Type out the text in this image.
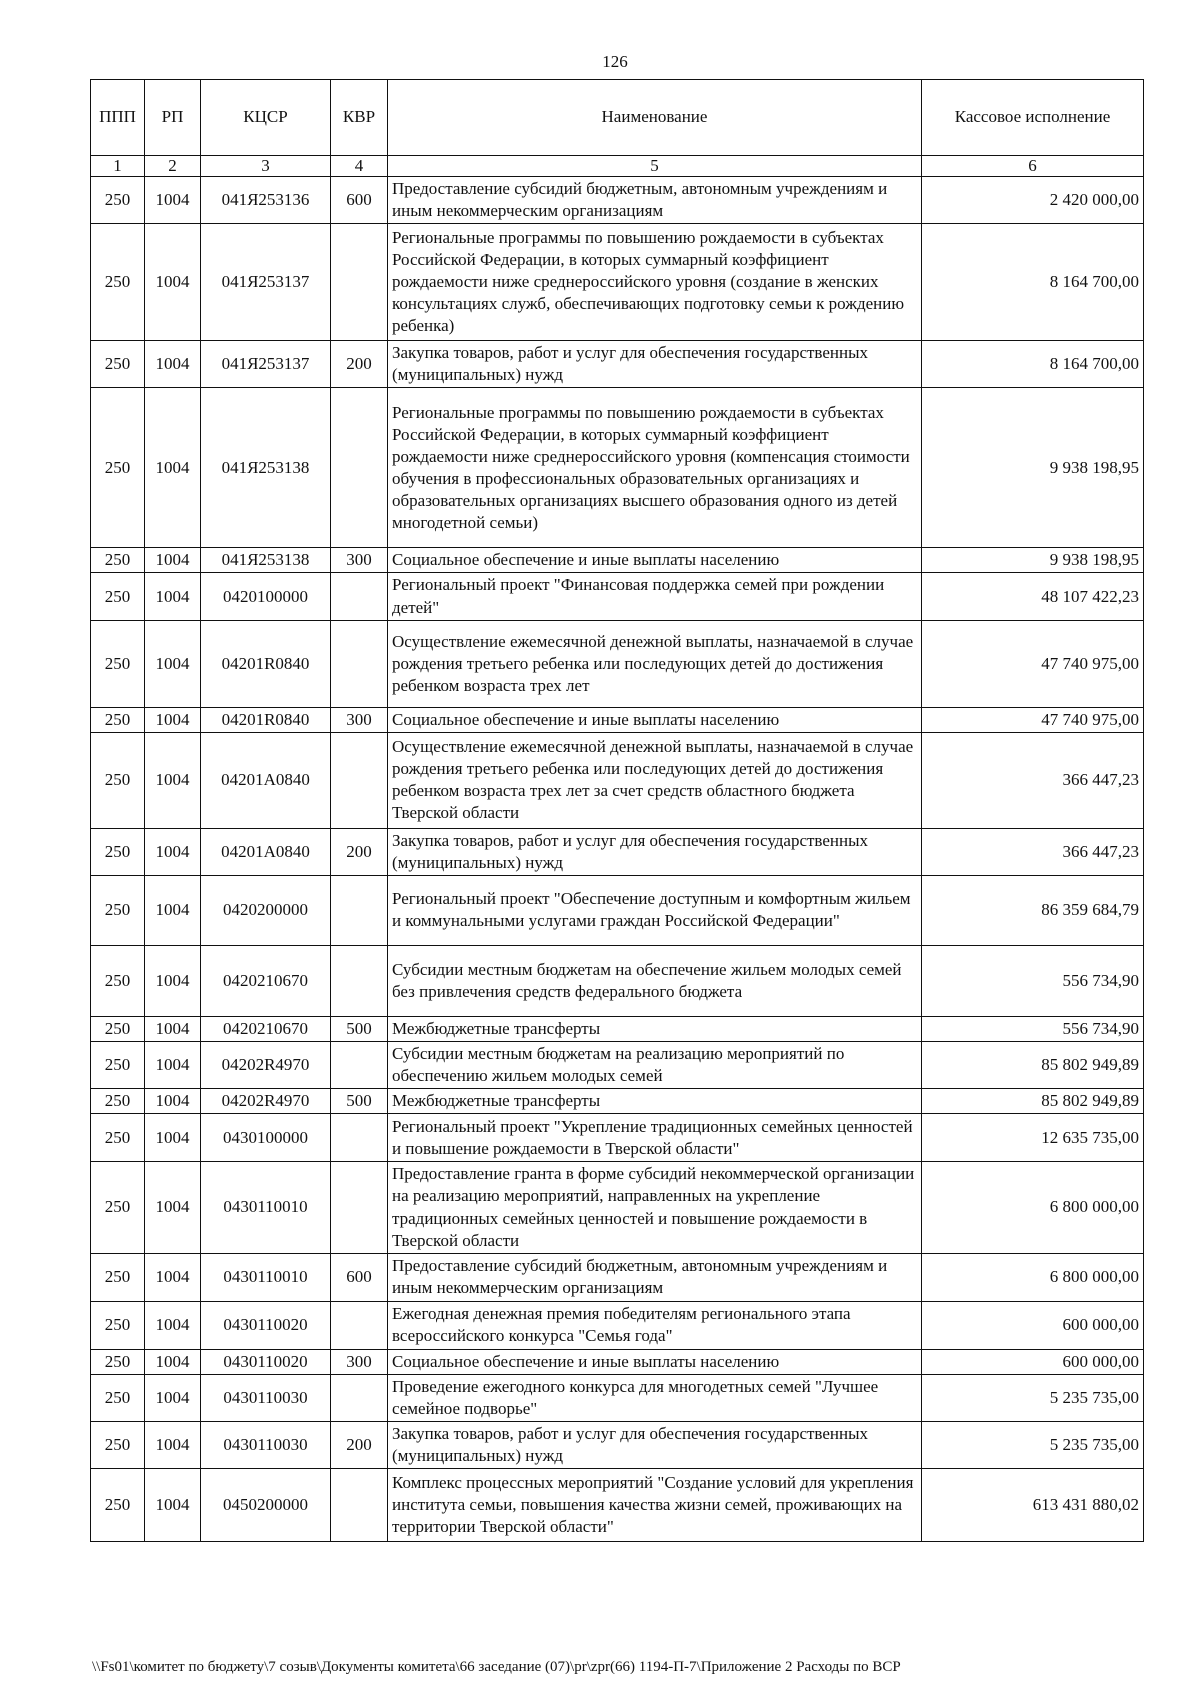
126
ППП	РП	КЦСР	КВР	Наименование	Кассовое исполнение
1	2	3	4	5	6
250	1004	041Я253136	600	Предоставление субсидий бюджетным, автономным учреждениям и иным некоммерческим организациям	2 420 000,00
250	1004	041Я253137		Региональные программы по повышению рождаемости в субъектах Российской Федерации, в которых суммарный коэффициент рождаемости ниже среднероссийского уровня (создание в женских консультациях служб, обеспечивающих подготовку семьи к рождению ребенка)	8 164 700,00
250	1004	041Я253137	200	Закупка товаров, работ и услуг для обеспечения государственных (муниципальных) нужд	8 164 700,00
250	1004	041Я253138		Региональные программы по повышению рождаемости в субъектах Российской Федерации, в которых суммарный коэффициент рождаемости ниже среднероссийского уровня (компенсация стоимости обучения в профессиональных образовательных организациях и образовательных организациях высшего образования одного из детей многодетной семьи)	9 938 198,95
250	1004	041Я253138	300	Социальное обеспечение и иные выплаты населению	9 938 198,95
250	1004	0420100000		Региональный проект "Финансовая поддержка семей при рождении детей"	48 107 422,23
250	1004	04201R0840		Осуществление ежемесячной денежной выплаты, назначаемой в случае рождения третьего ребенка или последующих детей до достижения ребенком возраста трех лет	47 740 975,00
250	1004	04201R0840	300	Социальное обеспечение и иные выплаты населению	47 740 975,00
250	1004	04201A0840		Осуществление ежемесячной денежной выплаты, назначаемой в случае рождения третьего ребенка или последующих детей до достижения ребенком возраста трех лет за счет средств областного бюджета Тверской области	366 447,23
250	1004	04201A0840	200	Закупка товаров, работ и услуг для обеспечения государственных (муниципальных) нужд	366 447,23
250	1004	0420200000		Региональный проект "Обеспечение доступным и комфортным жильем и коммунальными услугами граждан Российской Федерации"	86 359 684,79
250	1004	0420210670		Субсидии местным бюджетам на обеспечение жильем молодых семей без привлечения средств федерального бюджета	556 734,90
250	1004	0420210670	500	Межбюджетные трансферты	556 734,90
250	1004	04202R4970		Субсидии местным бюджетам на реализацию мероприятий по обеспечению жильем молодых семей	85 802 949,89
250	1004	04202R4970	500	Межбюджетные трансферты	85 802 949,89
250	1004	0430100000		Региональный проект "Укрепление традиционных семейных ценностей и повышение рождаемости в Тверской области"	12 635 735,00
250	1004	0430110010		Предоставление гранта в форме субсидий некоммерческой организации на реализацию мероприятий, направленных на укрепление традиционных семейных ценностей и повышение рождаемости в Тверской области	6 800 000,00
250	1004	0430110010	600	Предоставление субсидий бюджетным, автономным учреждениям и иным некоммерческим организациям	6 800 000,00
250	1004	0430110020		Ежегодная денежная премия победителям регионального этапа всероссийского конкурса "Семья года"	600 000,00
250	1004	0430110020	300	Социальное обеспечение и иные выплаты населению	600 000,00
250	1004	0430110030		Проведение ежегодного конкурса для многодетных семей "Лучшее семейное подворье"	5 235 735,00
250	1004	0430110030	200	Закупка товаров, работ и услуг для обеспечения государственных (муниципальных) нужд	5 235 735,00
250	1004	0450200000		Комплекс процессных мероприятий "Создание условий для укрепления института семьи, повышения качества жизни семей, проживающих на территории Тверской области"	613 431 880,02
\\Fs01\комитет по бюджету\7 созыв\Документы комитета\66 заседание (07)\pr\zpr(66) 1194-П-7\Приложение 2 Расходы по ВСР
